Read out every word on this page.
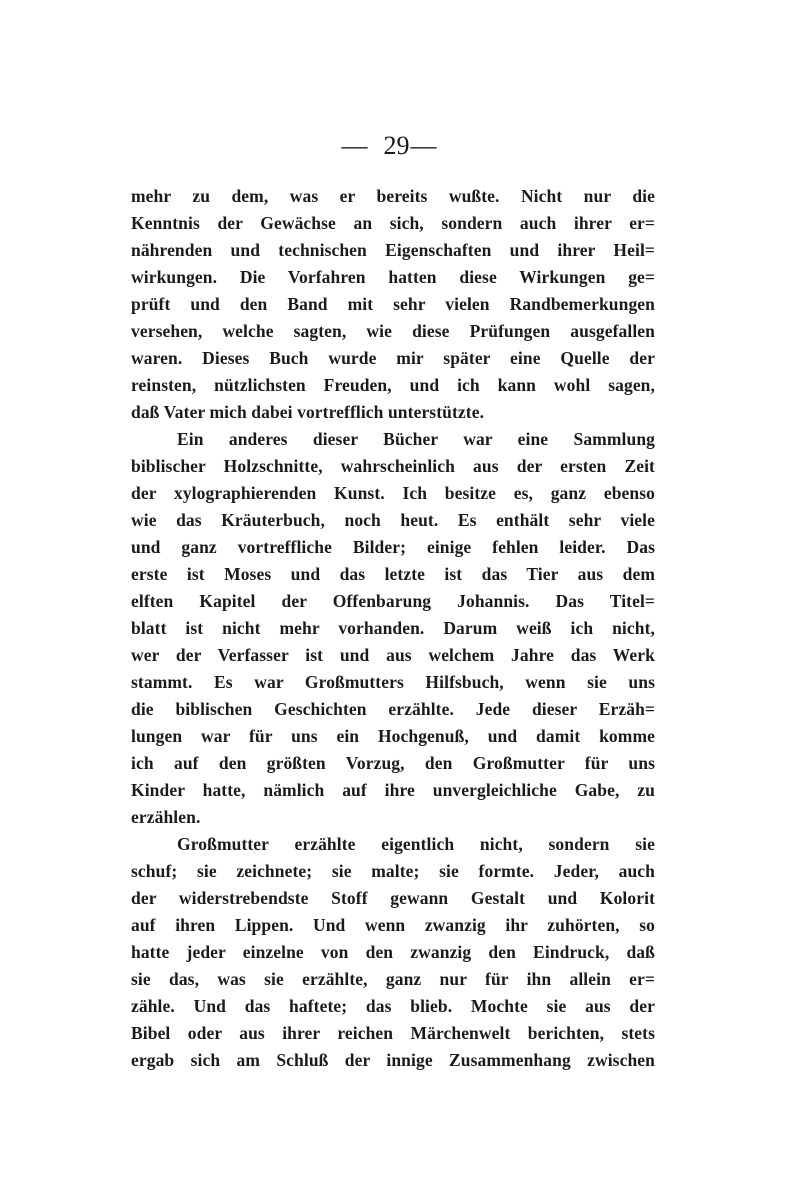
— 29—
mehr zu dem, was er bereits wußte. Nicht nur die
Kenntnis der Gewächse an sich, sondern auch ihrer er=
nährenden und technischen Eigenschaften und ihrer Heil=
wirkungen. Die Vorfahren hatten diese Wirkungen ge=
prüft und den Band mit sehr vielen Randbemerkungen
versehen, welche sagten, wie diese Prüfungen ausgefallen
waren. Dieses Buch wurde mir später eine Quelle der
reinsten, nützlichsten Freuden, und ich kann wohl sagen,
daß Vater mich dabei vortrefflich unterstützte.
Ein anderes dieser Bücher war eine Sammlung
biblischer Holzschnitte, wahrscheinlich aus der ersten Zeit
der xylographierenden Kunst. Ich besitze es, ganz ebenso
wie das Kräuterbuch, noch heut. Es enthält sehr viele
und ganz vortreffliche Bilder; einige fehlen leider. Das
erste ist Moses und das letzte ist das Tier aus dem
elften Kapitel der Offenbarung Johannis. Das Titel=
blatt ist nicht mehr vorhanden. Darum weiß ich nicht,
wer der Verfasser ist und aus welchem Jahre das Werk
stammt. Es war Großmutters Hilfsbuch, wenn sie uns
die biblischen Geschichten erzählte. Jede dieser Erzäh=
lungen war für uns ein Hochgenuß, und damit komme
ich auf den größten Vorzug, den Großmutter für uns
Kinder hatte, nämlich auf ihre unvergleichliche Gabe, zu
erzählen.
Großmutter erzählte eigentlich nicht, sondern sie
schuf; sie zeichnete; sie malte; sie formte. Jeder, auch
der widerstrebendste Stoff gewann Gestalt und Kolorit
auf ihren Lippen. Und wenn zwanzig ihr zuhörten, so
hatte jeder einzelne von den zwanzig den Eindruck, daß
sie das, was sie erzählte, ganz nur für ihn allein er=
zähle. Und das haftete; das blieb. Mochte sie aus der
Bibel oder aus ihrer reichen Märchenwelt berichten, stets
ergab sich am Schluß der innige Zusammenhang zwischen
